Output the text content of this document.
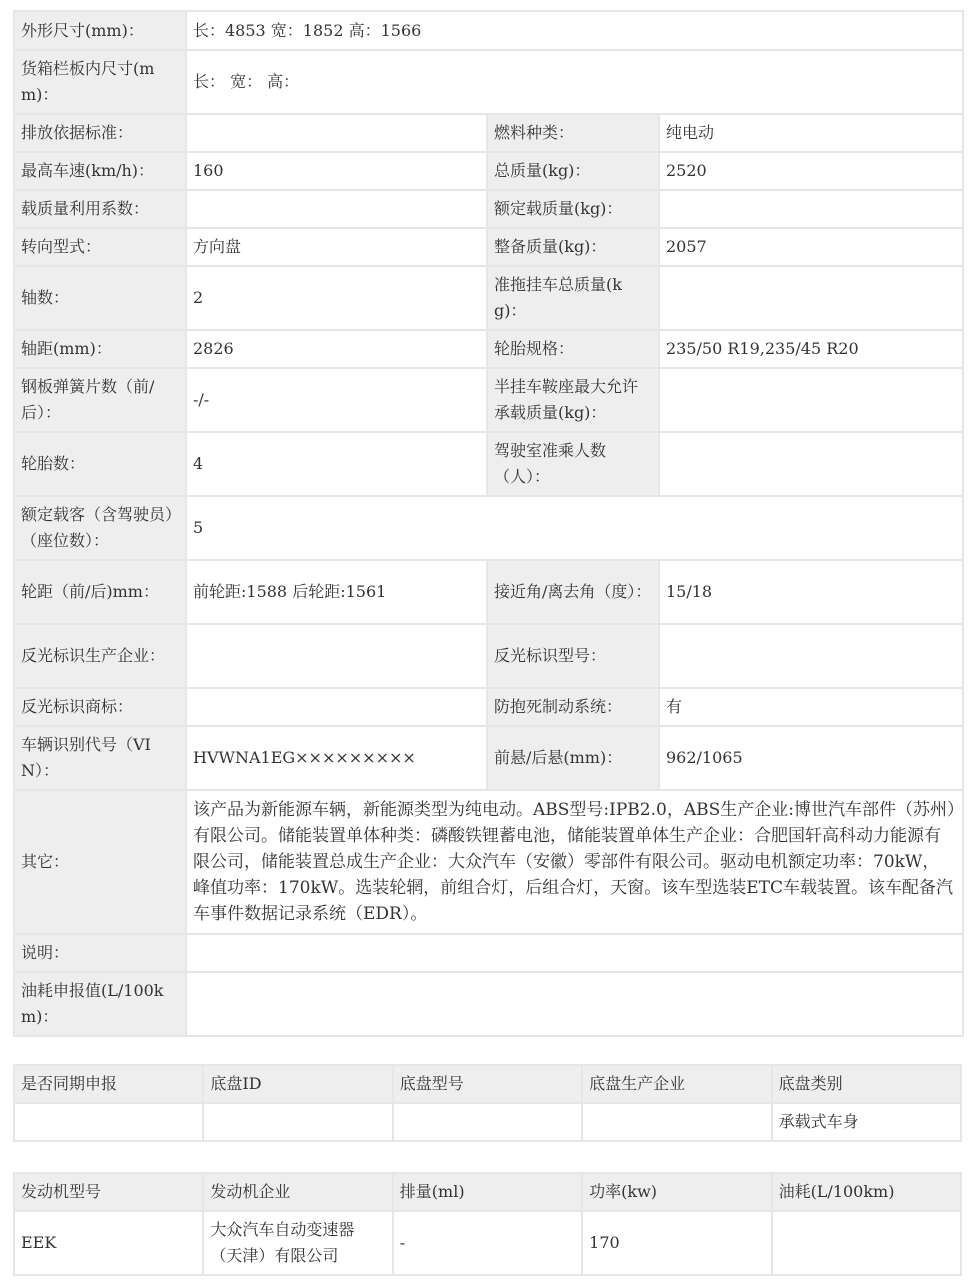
外形尺寸(mm)：	长：4853 宽：1852 高：1566		
货箱栏板内尺寸(mm)：	长： 宽： 高：		
排放依据标准：		燃料种类：	纯电动
最高车速(km/h)：	160	总质量(kg)：	2520
载质量利用系数：		额定载质量(kg)：	
转向型式：	方向盘	整备质量(kg)：	2057
轴数：	2	准拖挂车总质量(kg)：	
轴距(mm)：	2826	轮胎规格：	235/50 R19,235/45 R20
钢板弹簧片数（前/后）：	-/-	半挂车鞍座最大允许承载质量(kg)：	
轮胎数：	4	驾驶室准乘人数（人）：	
额定载客（含驾驶员）（座位数）：	5		
轮距（前/后)mm：	前轮距:1588 后轮距:1561	接近角/离去角（度）：	15/18
反光标识生产企业：		反光标识型号：	
反光标识商标：		防抱死制动系统：	有
车辆识别代号（VIN）：	HVWNA1EG×××××××××	前悬/后悬(mm)：	962/1065
其它：	该产品为新能源车辆，新能源类型为纯电动。ABS型号:IPB2.0，ABS生产企业:博世汽车部件（苏州）有限公司。储能装置单体种类：磷酸铁锂蓄电池，储能装置单体生产企业：合肥国轩高科动力能源有限公司，储能装置总成生产企业：大众汽车（安徽）零部件有限公司。驱动电机额定功率：70kW，峰值功率：170kW。选装轮辋，前组合灯，后组合灯，天窗。该车型选装ETC车载装置。该车配备汽车事件数据记录系统（EDR）。		
说明：			
油耗申报值(L/100km)：			
是否同期申报	底盘ID	底盘型号	底盘生产企业	底盘类别
				承载式车身
发动机型号	发动机企业	排量(ml)	功率(kw)	油耗(L/100km)
EEK	大众汽车自动变速器（天津）有限公司	-	170	
